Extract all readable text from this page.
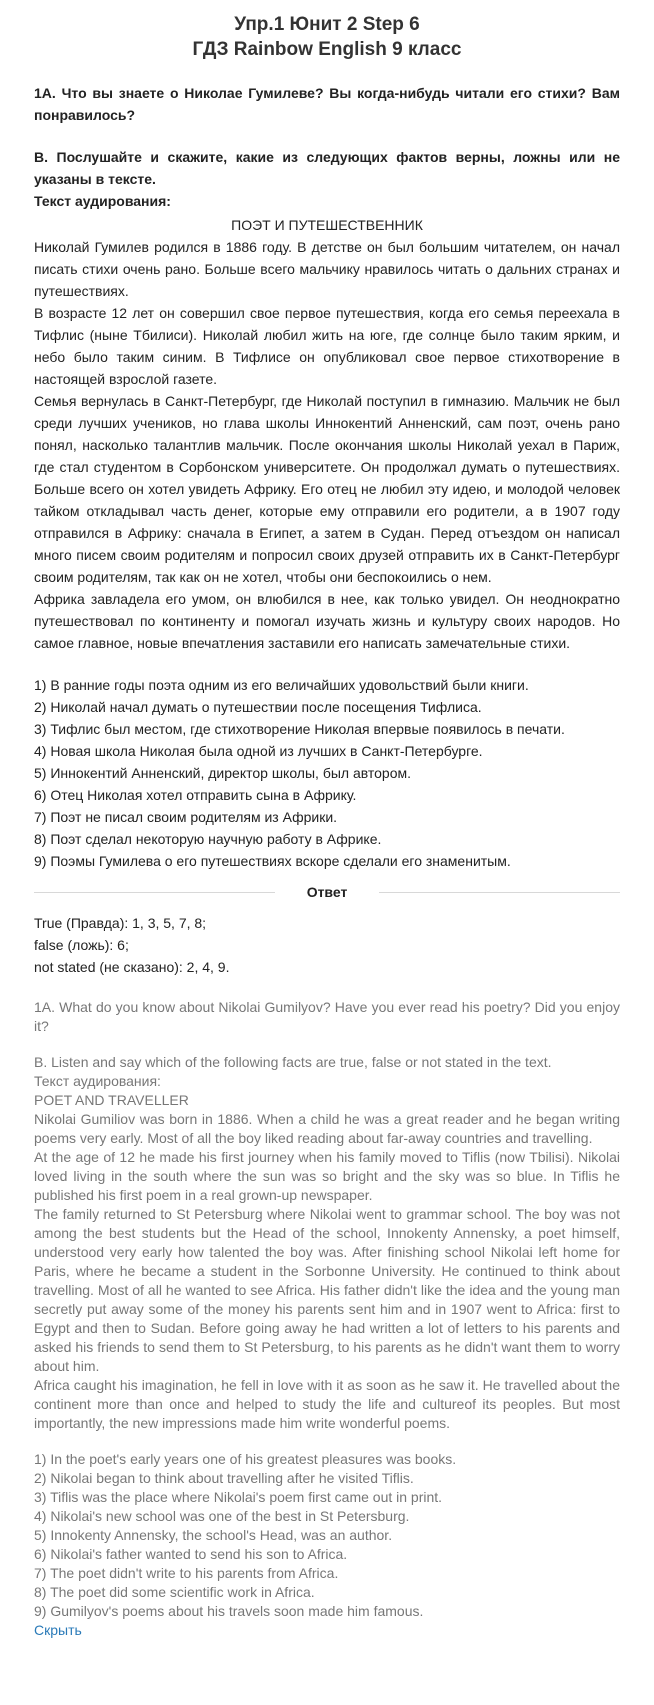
Упр.1 Юнит 2 Step 6

ГДЗ Rainbow English 9 класс

1А. Что вы знаете о Николае Гумилеве? Вы когда-нибудь читали его стихи? Вам понравилось?

В. Послушайте и скажите, какие из следующих фактов верны, ложны или не указаны в тексте.

Текст аудирования:

ПОЭТ И ПУТЕШЕСТВЕННИК

Николай Гумилев родился в 1886 году. В детстве он был большим читателем, он начал писать стихи очень рано. Больше всего мальчику нравилось читать о дальних странах и путешествиях.

В возрасте 12 лет он совершил свое первое путешествия, когда его семья переехала в Тифлис (ныне Тбилиси). Николай любил жить на юге, где солнце было таким ярким, и небо было таким синим. В Тифлисе он опубликовал свое первое стихотворение в настоящей взрослой газете.

Семья вернулась в Санкт-Петербург, где Николай поступил в гимназию. Мальчик не был среди лучших учеников, но глава школы Иннокентий Анненский, сам поэт, очень рано понял, насколько талантлив мальчик. После окончания школы Николай уехал в Париж, где стал студентом в Сорбонском университете. Он продолжал думать о путешествиях. Больше всего он хотел увидеть Африку. Его отец не любил эту идею, и молодой человек тайком откладывал часть денег, которые ему отправили его родители, а в 1907 году отправился в Африку: сначала в Египет, а затем в Судан. Перед отъездом он написал много писем своим родителям и попросил своих друзей отправить их в Санкт-Петербург своим родителям, так как он не хотел, чтобы они беспокоились о нем.

Африка завладела его умом, он влюбился в нее, как только увидел. Он неоднократно путешествовал по континенту и помогал изучать жизнь и культуру своих народов. Но самое главное, новые впечатления заставили его написать замечательные стихи.

1) В ранние годы поэта одним из его величайших удовольствий были книги.
2) Николай начал думать о путешествии после посещения Тифлиса.
3) Тифлис был местом, где стихотворение Николая впервые появилось в печати.
4) Новая школа Николая была одной из лучших в Санкт-Петербурге.
5) Иннокентий Анненский, директор школы, был автором.
6) Отец Николая хотел отправить сына в Африку.
7) Поэт не писал своим родителям из Африки.
8) Поэт сделал некоторую научную работу в Африке.
9) Поэмы Гумилева о его путешествиях вскоре сделали его знаменитым.
Ответ

True (Правда): 1, 3, 5, 7, 8;

false (ложь): 6;

not stated (не сказано): 2, 4, 9.

1A. What do you know about Nikolai Gumilyov? Have you ever read his poetry? Did you enjoy it?

B. Listen and say which of the following facts are true, false or not stated in the text.

Текст аудирования:

POET AND TRAVELLER

Nikolai Gumiliov was born in 1886. When a child he was a great reader and he began writing poems very early. Most of all the boy liked reading about far-away countries and travelling.

At the age of 12 he made his first journey when his family moved to Tiflis (now Tbilisi). Nikolai loved living in the south where the sun was so bright and the sky was so blue. In Tiflis he published his first poem in a real grown-up newspaper.

The family returned to St Petersburg where Nikolai went to grammar school. The boy was not among the best students but the Head of the school, Innokenty Annensky, a poet himself, understood very early how talented the boy was. After finishing school Nikolai left home for Paris, where he became a student in the Sorbonne University. He continued to think about travelling. Most of all he wanted to see Africa. His father didn't like the idea and the young man secretly put away some of the money his parents sent him and in 1907 went to Africa: first to Egypt and then to Sudan. Before going away he had written a lot of letters to his parents and asked his friends to send them to St Petersburg, to his parents as he didn't want them to worry about him.

Africa caught his imagination, he fell in love with it as soon as he saw it. He travelled about the continent more than once and helped to study the life and cultureof its peoples. But most importantly, the new impressions made him write wonderful poems.

1) In the poet's early years one of his greatest pleasures was books.
2) Nikolai began to think about travelling after he visited Tiflis.
3) Tiflis was the place where Nikolai's poem first came out in print.
4) Nikolai's new school was one of the best in St Petersburg.
5) Innokenty Annensky, the school's Head, was an author.
6) Nikolai's father wanted to send his son to Africa.
7) The poet didn't write to his parents from Africa.
8) The poet did some scientific work in Africa.
9) Gumilyov's poems about his travels soon made him famous.
Скрыть
